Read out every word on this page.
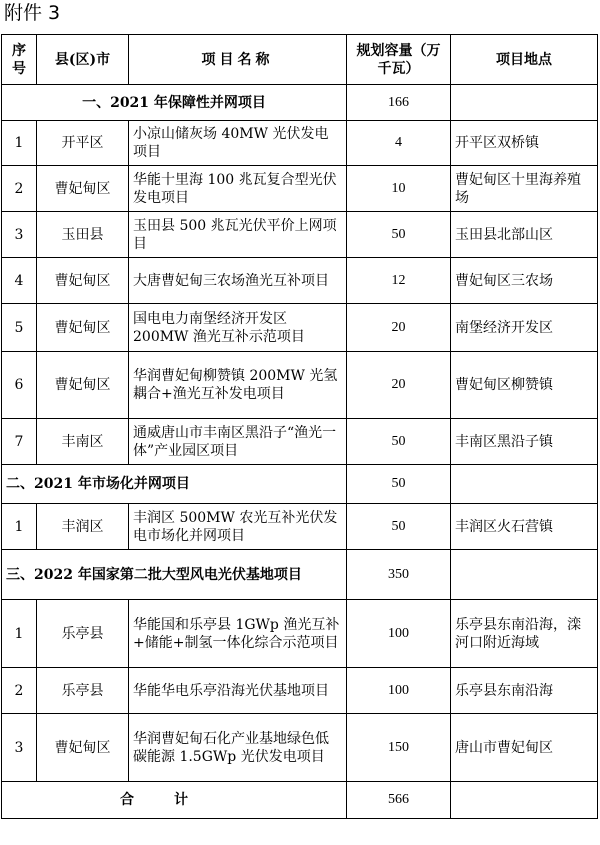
附件 3
序号	县(区)市	项目名称	规划容量（万千瓦）	项目地点
一、2021 年保障性并网项目			166	
1	开平区	小凉山储灰场 40MW 光伏发电项目	4	开平区双桥镇
2	曹妃甸区	华能十里海 100 兆瓦复合型光伏发电项目	10	曹妃甸区十里海养殖场
3	玉田县	玉田县 500 兆瓦光伏平价上网项目	50	玉田县北部山区
4	曹妃甸区	大唐曹妃甸三农场渔光互补项目	12	曹妃甸区三农场
5	曹妃甸区	国电电力南堡经济开发区 200MW 渔光互补示范项目	20	南堡经济开发区
6	曹妃甸区	华润曹妃甸柳赞镇 200MW 光氢耦合+渔光互补发电项目	20	曹妃甸区柳赞镇
7	丰南区	通威唐山市丰南区黑沿子“渔光一体”产业园区项目	50	丰南区黑沿子镇
二、2021 年市场化并网项目			50	
1	丰润区	丰润区 500MW 农光互补光伏发电市场化并网项目	50	丰润区火石营镇
三、2022 年国家第二批大型风电光伏基地项目			350	
1	乐亭县	华能国和乐亭县 1GWp 渔光互补+储能+制氢一体化综合示范项目	100	乐亭县东南沿海，滦河口附近海域
2	乐亭县	华能华电乐亭沿海光伏基地项目	100	乐亭县东南沿海
3	曹妃甸区	华润曹妃甸石化产业基地绿色低碳能源 1.5GWp 光伏发电项目	150	唐山市曹妃甸区
合计			566	
